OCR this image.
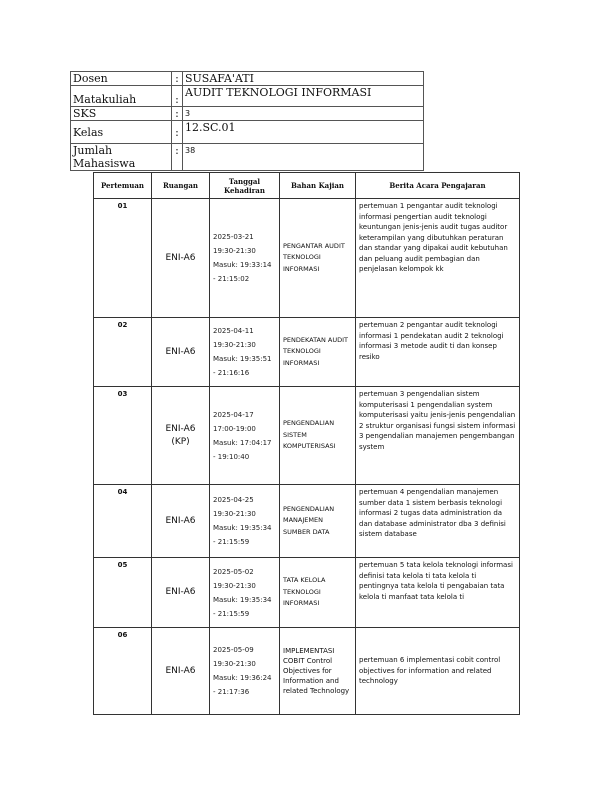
Dosen	:	SUSAFA'ATI
Matakuliah	:	AUDIT TEKNOLOGI INFORMASI
SKS	:	3
Kelas	:	12.SC.01
Jumlah Mahasiswa	:	38
Pertemuan	Ruangan	Tanggal Kehadiran	Bahan Kajian	Berita Acara Pengajaran
01	ENI-A6	2025-03-21 19:30-21:30 Masuk: 19:33:14 - 21:15:02	PENGANTAR AUDIT TEKNOLOGI INFORMASI	pertemuan 1 pengantar audit teknologi informasi pengertian audit teknologi keuntungan jenis-jenis audit tugas auditor keterampilan yang dibutuhkan peraturan dan standar yang dipakai audit kebutuhan dan peluang audit pembagian dan penjelasan kelompok kk
02	ENI-A6	2025-04-11 19:30-21:30 Masuk: 19:35:51 - 21:16:16	PENDEKATAN AUDIT TEKNOLOGI INFORMASI	pertemuan 2 pengantar audit teknologi informasi 1 pendekatan audit 2 teknologi informasi 3 metode audit ti dan konsep resiko
03	ENI-A6 (KP)	2025-04-17 17:00-19:00 Masuk: 17:04:17 - 19:10:40	PENGENDALIAN SISTEM KOMPUTERISASI	pertemuan 3 pengendalian sistem komputerisasi 1 pengendalian system komputerisasi yaitu jenis-jenis pengendalian 2 struktur organisasi fungsi sistem informasi 3 pengendalian manajemen pengembangan system
04	ENI-A6	2025-04-25 19:30-21:30 Masuk: 19:35:34 - 21:15:59	PENGENDALIAN MANAJEMEN SUMBER DATA	pertemuan 4 pengendalian manajemen sumber data 1 sistem berbasis teknologi informasi 2 tugas data administration da dan database administrator dba 3 definisi sistem database
05	ENI-A6	2025-05-02 19:30-21:30 Masuk: 19:35:34 - 21:15:59	TATA KELOLA TEKNOLOGI INFORMASI	pertemuan 5 tata kelola teknologi informasi definisi tata kelola ti tata kelola ti pentingnya tata kelola ti pengabaian tata kelola ti manfaat tata kelola ti
06	ENI-A6	2025-05-09 19:30-21:30 Masuk: 19:36:24 - 21:17:36	IMPLEMENTASI COBIT Control Objectives for Information and related Technology	pertemuan 6 implementasi cobit control objectives for information and related technology
